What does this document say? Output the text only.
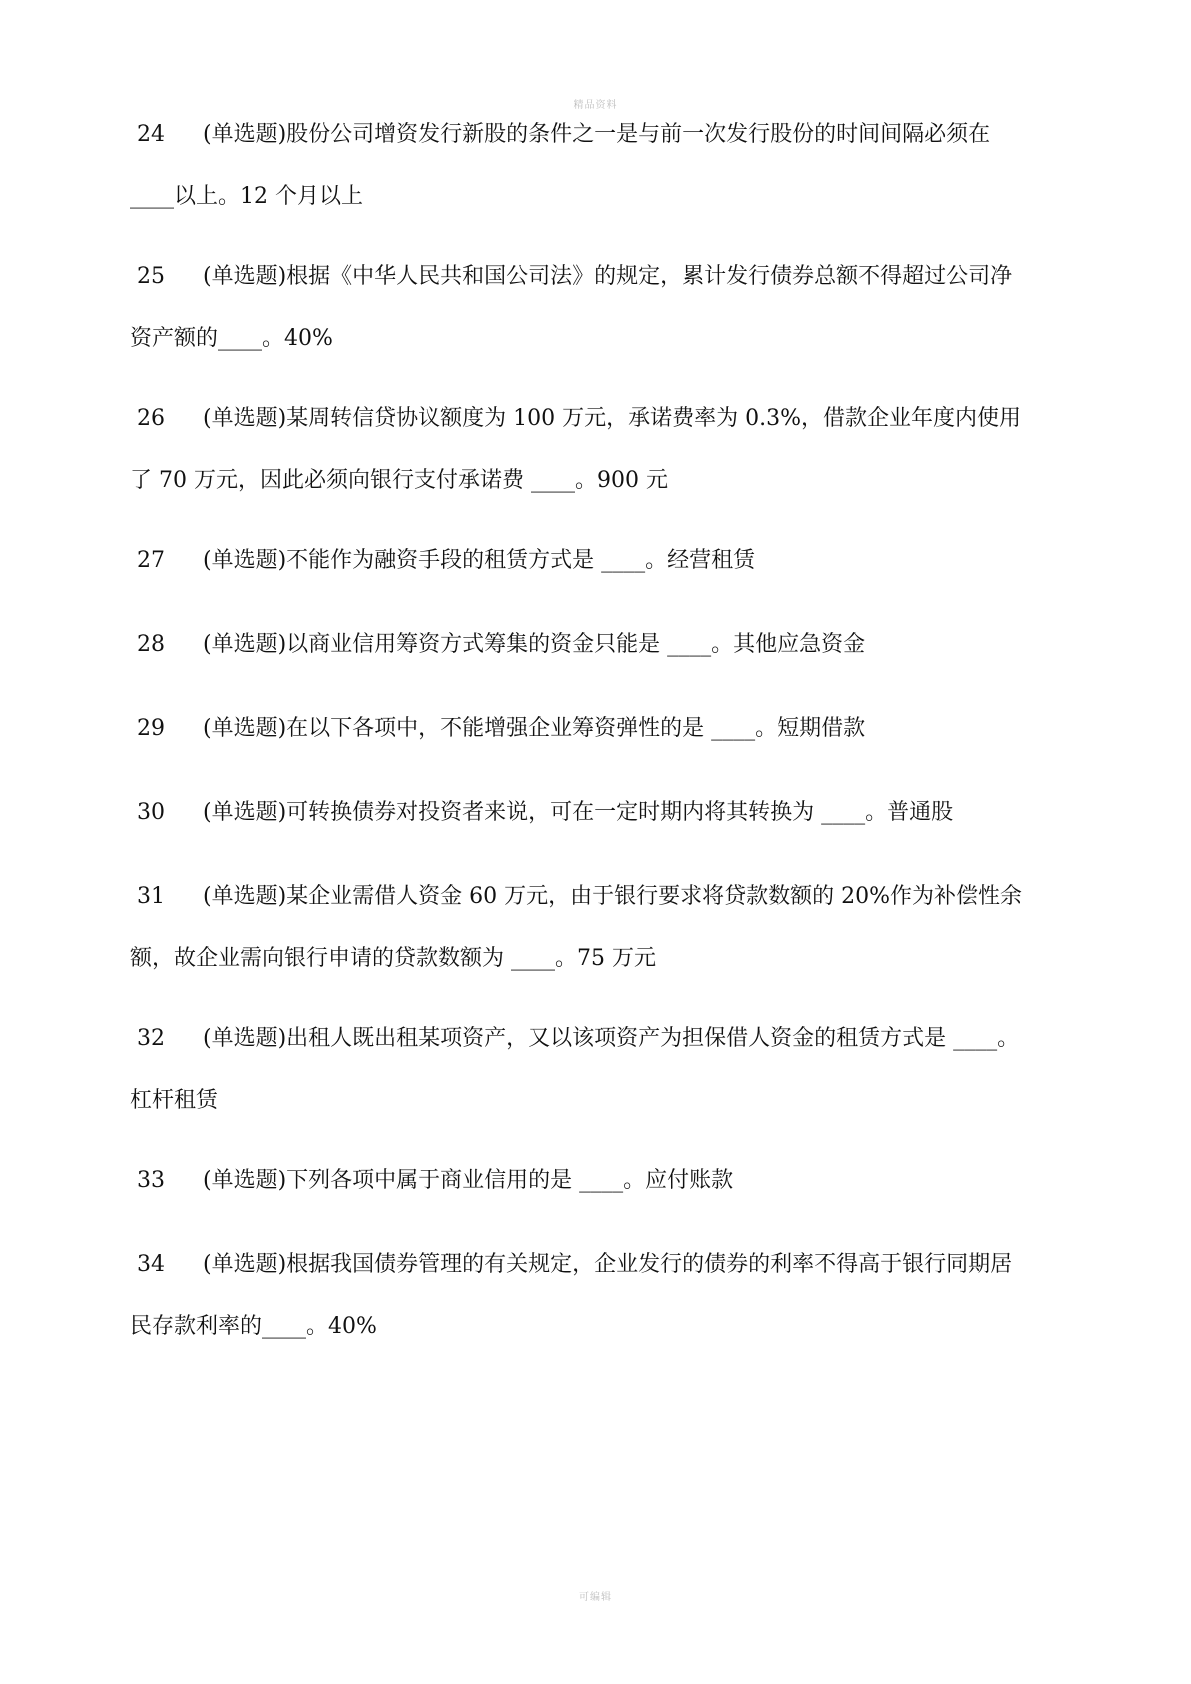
精品资料
24 (单选题)股份公司增资发行新股的条件之一是与前一次发行股份的时间间隔必须在
____以上。12 个月以上
25 (单选题)根据《中华人民共和国公司法》的规定，累计发行债券总额不得超过公司净
资产额的____。40%
26 (单选题)某周转信贷协议额度为 100 万元，承诺费率为 0.3%，借款企业年度内使用
了 70 万元，因此必须向银行支付承诺费 ____。900 元
27 (单选题)不能作为融资手段的租赁方式是 ____。经营租赁
28 (单选题)以商业信用筹资方式筹集的资金只能是 ____。其他应急资金
29 (单选题)在以下各项中，不能增强企业筹资弹性的是 ____。短期借款
30 (单选题)可转换债券对投资者来说，可在一定时期内将其转换为 ____。普通股
31 (单选题)某企业需借人资金 60 万元，由于银行要求将贷款数额的 20%作为补偿性余
额，故企业需向银行申请的贷款数额为 ____。75 万元
32 (单选题)出租人既出租某项资产，又以该项资产为担保借人资金的租赁方式是 ____。
杠杆租赁
33 (单选题)下列各项中属于商业信用的是 ____。应付账款
34 (单选题)根据我国债券管理的有关规定，企业发行的债券的利率不得高于银行同期居
民存款利率的____。40%
可编辑
